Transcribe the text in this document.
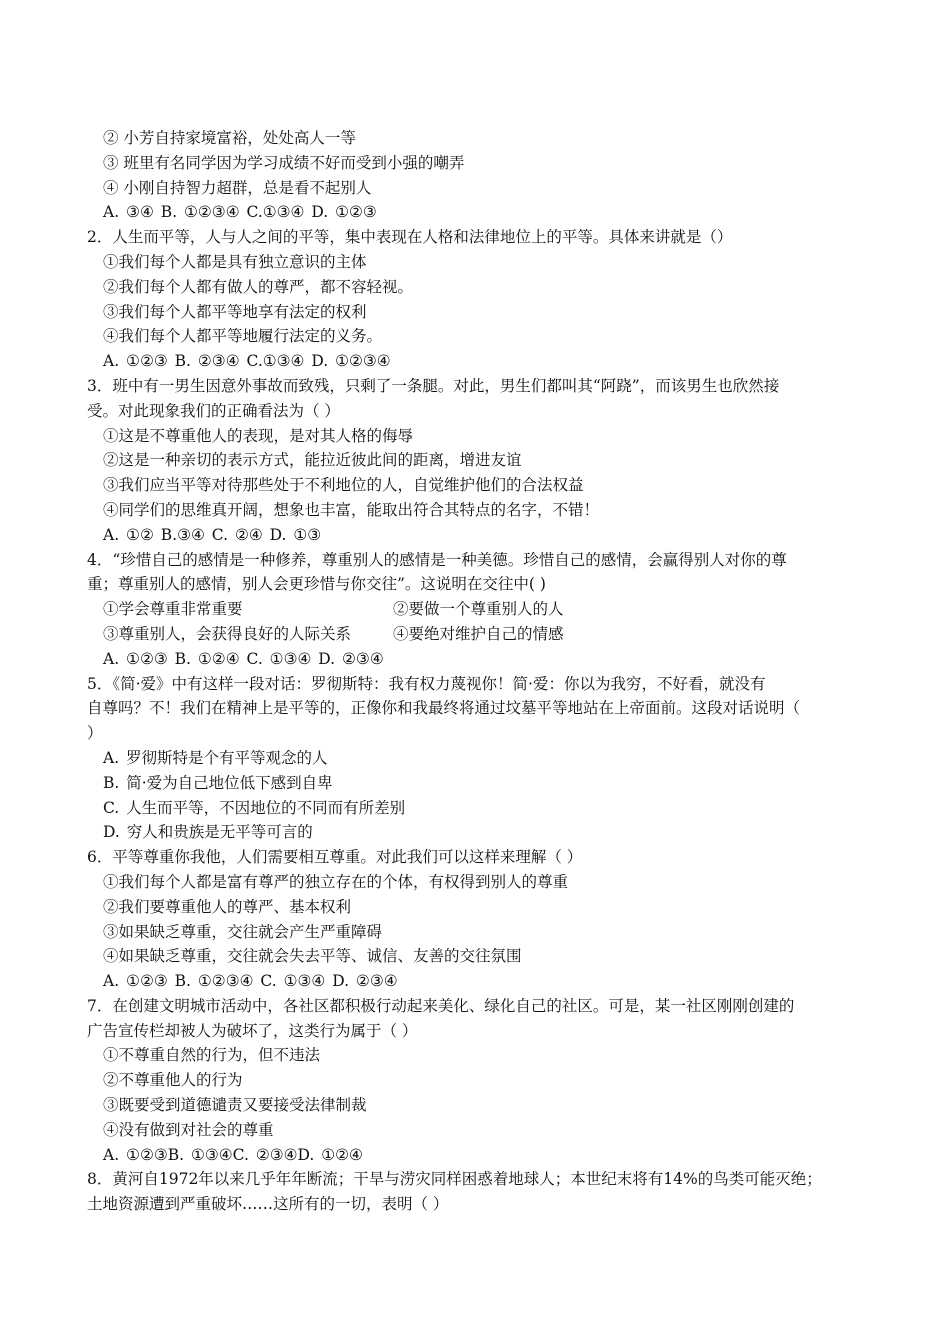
② 小芳自持家境富裕，处处高人一等
③ 班里有名同学因为学习成绩不好而受到小强的嘲弄
④ 小刚自持智力超群，总是看不起别人
A. ③④ B. ①②③④ C.①③④ D. ①②③
2．人生而平等，人与人之间的平等，集中表现在人格和法律地位上的平等。具体来讲就是（）
①我们每个人都是具有独立意识的主体
②我们每个人都有做人的尊严，都不容轻视。
③我们每个人都平等地享有法定的权利
④我们每个人都平等地履行法定的义务。
A. ①②③ B. ②③④ C.①③④ D. ①②③④
3．班中有一男生因意外事故而致残，只剩了一条腿。对此，男生们都叫其“阿跷”，而该男生也欣然接
受。对此现象我们的正确看法为（ ）
①这是不尊重他人的表现，是对其人格的侮辱
②这是一种亲切的表示方式，能拉近彼此间的距离，增进友谊
③我们应当平等对待那些处于不利地位的人，自觉维护他们的合法权益
④同学们的思维真开阔，想象也丰富，能取出符合其特点的名字，不错！
A. ①② B.③④ C. ②④ D. ①③
4．“珍惜自己的感情是一种修养，尊重别人的感情是一种美德。珍惜自己的感情，会赢得别人对你的尊
重；尊重别人的感情，别人会更珍惜与你交往”。这说明在交往中( )
①学会尊重非常重要	②要做一个尊重别人的人
③尊重别人，会获得良好的人际关系	④要绝对维护自己的情感
A. ①②③ B. ①②④ C. ①③④ D. ②③④
5．《简·爱》中有这样一段对话：罗彻斯特：我有权力蔑视你！简·爱：你以为我穷，不好看，就没有
自尊吗？不！我们在精神上是平等的，正像你和我最终将通过坟墓平等地站在上帝面前。这段对话说明（
）
A. 罗彻斯特是个有平等观念的人
B. 简·爱为自己地位低下感到自卑
C. 人生而平等，不因地位的不同而有所差别
D. 穷人和贵族是无平等可言的
6．平等尊重你我他，人们需要相互尊重。对此我们可以这样来理解（ ）
①我们每个人都是富有尊严的独立存在的个体，有权得到别人的尊重
②我们要尊重他人的尊严、基本权利
③如果缺乏尊重，交往就会产生严重障碍
④如果缺乏尊重，交往就会失去平等、诚信、友善的交往氛围
A. ①②③ B. ①②③④ C. ①③④ D. ②③④
7．在创建文明城市活动中，各社区都积极行动起来美化、绿化自己的社区。可是，某一社区刚刚创建的
广告宣传栏却被人为破坏了，这类行为属于（ ）
①不尊重自然的行为，但不违法
②不尊重他人的行为
③既要受到道德谴责又要接受法律制裁
④没有做到对社会的尊重
A. ①②③B. ①③④C. ②③④D. ①②④
8．黄河自1972年以来几乎年年断流；干旱与涝灾同样困惑着地球人；本世纪末将有14%的鸟类可能灭绝；
土地资源遭到严重破坏……这所有的一切，表明（ ）
